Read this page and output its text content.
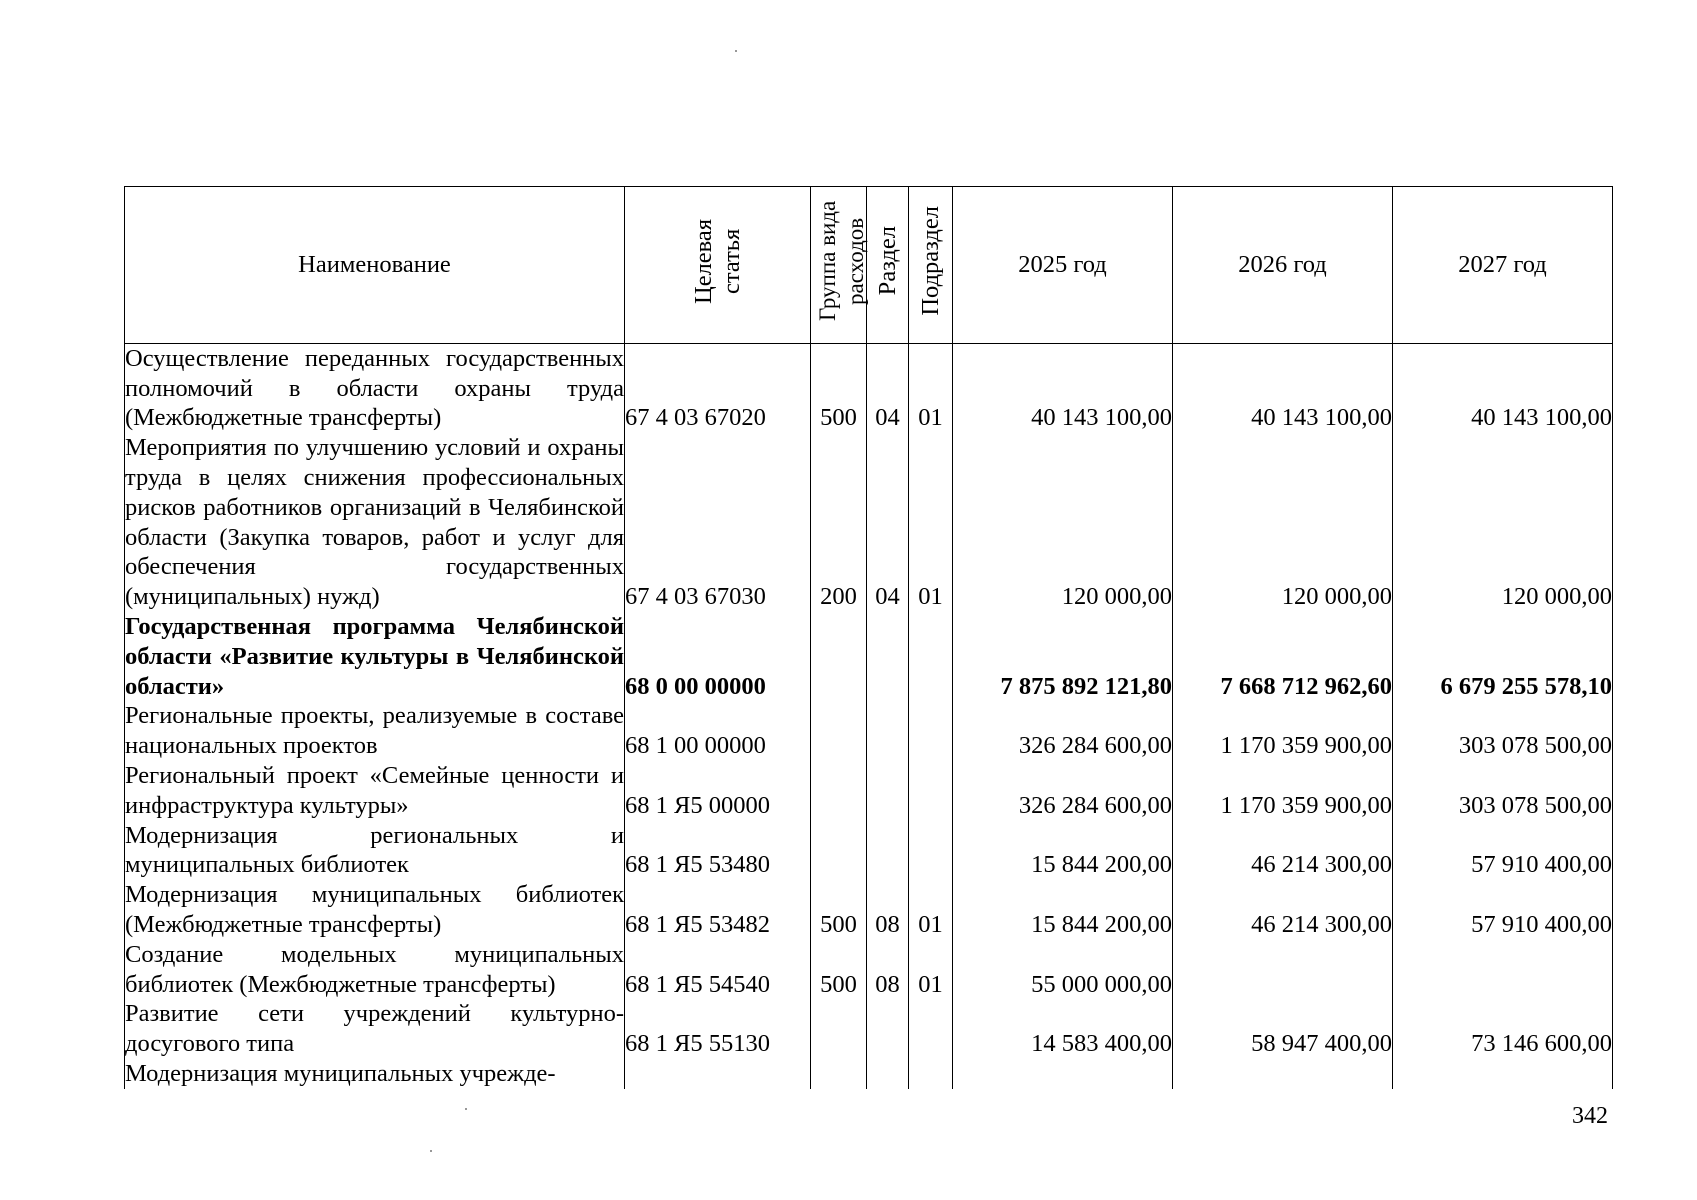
Наименование	Целевая статья	Группа вида расходов	Раздел	Подраздел	2025 год	2026 год	2027 год
Осуществление переданных государственных полномочий в области охраны труда (Межбюджетные трансферты)	67 4 03 67020	500	04	01	40 143 100,00	40 143 100,00	40 143 100,00
Мероприятия по улучшению условий и охраны труда в целях снижения профессиональных рисков работников организаций в Челябинской области (Закупка товаров, работ и услуг для обеспечения государственных (муниципальных) нужд)	67 4 03 67030	200	04	01	120 000,00	120 000,00	120 000,00
Государственная программа Челябинской области «Развитие культуры в Челябинской области»	68 0 00 00000				7 875 892 121,80	7 668 712 962,60	6 679 255 578,10
Региональные проекты, реализуемые в составе национальных проектов	68 1 00 00000				326 284 600,00	1 170 359 900,00	303 078 500,00
Региональный проект «Семейные ценности и инфраструктура культуры»	68 1 Я5 00000				326 284 600,00	1 170 359 900,00	303 078 500,00
Модернизация региональных и муниципальных библиотек	68 1 Я5 53480				15 844 200,00	46 214 300,00	57 910 400,00
Модернизация муниципальных библиотек (Межбюджетные трансферты)	68 1 Я5 53482	500	08	01	15 844 200,00	46 214 300,00	57 910 400,00
Создание модельных муниципальных библиотек (Межбюджетные трансферты)	68 1 Я5 54540	500	08	01	55 000 000,00		
Развитие сети учреждений культурно-досугового типа	68 1 Я5 55130				14 583 400,00	58 947 400,00	73 146 600,00
Модернизация муниципальных учрежде-							
342
